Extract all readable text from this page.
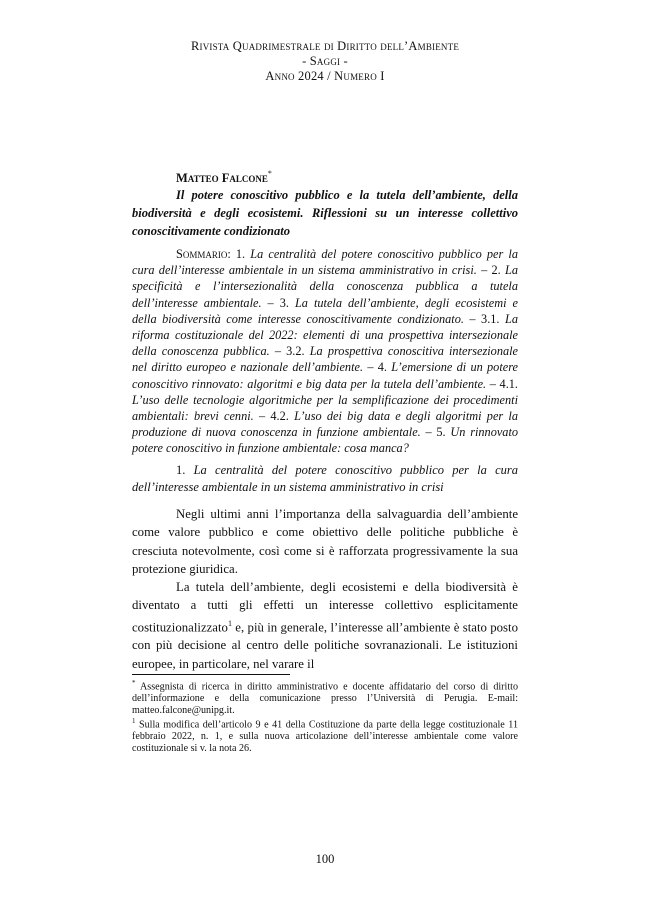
Rivista Quadrimestrale di Diritto dell’Ambiente
- Saggi -
Anno 2024 / Numero I
Matteo Falcone*
Il potere conoscitivo pubblico e la tutela dell’ambiente, della biodiversità e degli ecosistemi. Riflessioni su un interesse collettivo conoscitivamente condizionato
Sommario: 1. La centralità del potere conoscitivo pubblico per la cura dell’interesse ambientale in un sistema amministrativo in crisi. – 2. La specificità e l’intersezionalità della conoscenza pubblica a tutela dell’interesse ambientale. – 3. La tutela dell’ambiente, degli ecosistemi e della biodiversità come interesse conoscitivamente condizionato. – 3.1. La riforma costituzionale del 2022: elementi di una prospettiva intersezionale della conoscenza pubblica. – 3.2. La prospettiva conoscitiva intersezionale nel diritto europeo e nazionale dell’ambiente. – 4. L’emersione di un potere conoscitivo rinnovato: algoritmi e big data per la tutela dell’ambiente. – 4.1. L’uso delle tecnologie algoritmiche per la semplificazione dei procedimenti ambientali: brevi cenni. – 4.2. L’uso dei big data e degli algoritmi per la produzione di nuova conoscenza in funzione ambientale. – 5. Un rinnovato potere conoscitivo in funzione ambientale: cosa manca?
1. La centralità del potere conoscitivo pubblico per la cura dell’interesse ambientale in un sistema amministrativo in crisi

Negli ultimi anni l’importanza della salvaguardia dell’ambiente come valore pubblico e come obiettivo delle politiche pubbliche è cresciuta notevolmente, così come si è rafforzata progressivamente la sua protezione giuridica.

La tutela dell’ambiente, degli ecosistemi e della biodiversità è diventato a tutti gli effetti un interesse collettivo esplicitamente costituzionalizzato$^1$ e, più in generale, l’interesse all’ambiente è stato posto con più decisione al centro delle politiche sovranazionali. Le istituzioni europee, in particolare, nel varare il

* Assegnista di ricerca in diritto amministrativo e docente affidatario del corso di diritto dell’informazione e della comunicazione presso l’Università di Perugia. E-mail: matteo.falcone@unipg.it.

$^1$ Sulla modifica dell’articolo 9 e 41 della Costituzione da parte della legge costituzionale 11 febbraio 2022, n. 1, e sulla nuova articolazione dell’interesse ambientale come valore costituzionale si v. la nota 26.

100
